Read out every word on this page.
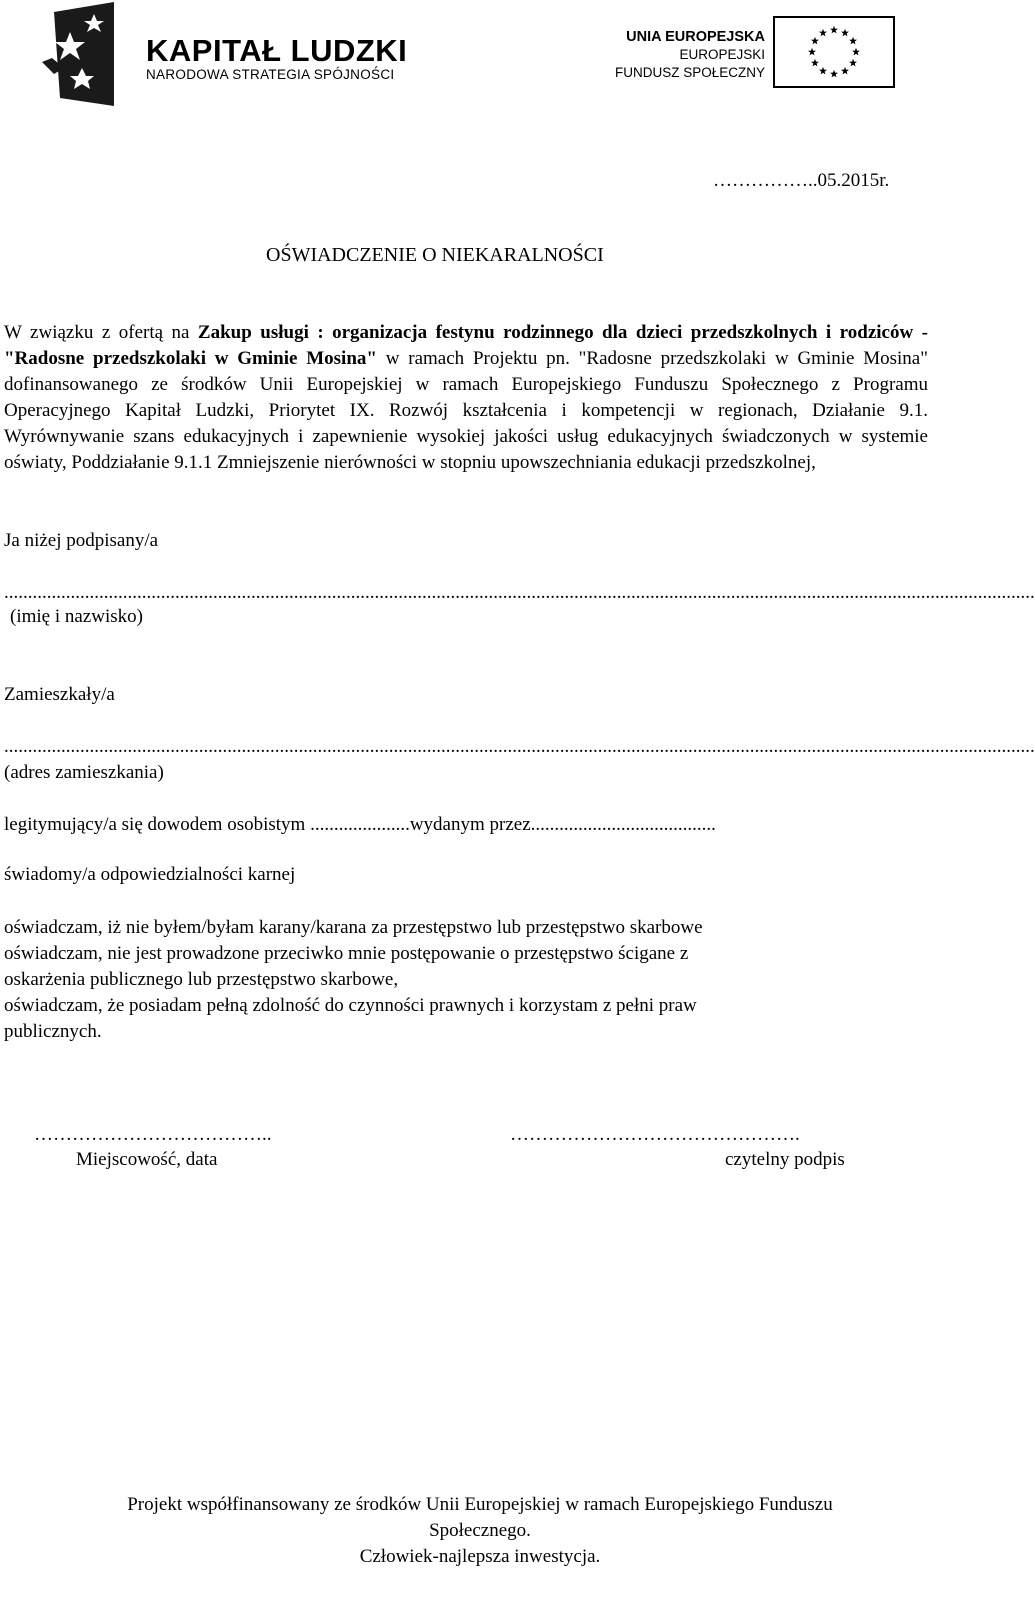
KAPITAŁ LUDZKI
NARODOWA STRATEGIA SPÓJNOŚCI
UNIA EUROPEJSKA
EUROPEJSKI
FUNDUSZ SPOŁECZNY
……………..05.2015r.
OŚWIADCZENIE O NIEKARALNOŚCI
W związku z ofertą na Zakup usługi : organizacja festynu rodzinnego dla dzieci przedszkolnych i rodziców - "Radosne przedszkolaki w Gminie Mosina" w ramach Projektu pn. "Radosne przedszkolaki w Gminie Mosina" dofinansowanego ze środków Unii Europejskiej w ramach Europejskiego Funduszu Społecznego z Programu Operacyjnego Kapitał Ludzki, Priorytet IX. Rozwój kształcenia i kompetencji w regionach, Działanie 9.1. Wyrównywanie szans edukacyjnych i zapewnienie wysokiej jakości usług edukacyjnych świadczonych w systemie oświaty, Poddziałanie 9.1.1 Zmniejszenie nierówności w stopniu upowszechniania edukacji przedszkolnej,
Ja niżej podpisany/a
.........................................................................................................................................................................................................................
(imię i nazwisko)
Zamieszkały/a
.........................................................................................................................................................................................................................
(adres zamieszkania)
legitymujący/a się dowodem osobistym .....................wydanym przez.......................................
świadomy/a odpowiedzialności karnej
oświadczam, iż nie byłem/byłam karany/karana za przestępstwo lub przestępstwo skarbowe
oświadczam, nie jest prowadzone przeciwko mnie postępowanie o przestępstwo ścigane z
oskarżenia publicznego lub przestępstwo skarbowe,
oświadczam, że posiadam pełną zdolność do czynności prawnych i korzystam z pełni praw
publicznych.
………………………………..
Miejscowość, data
……………………………………….
czytelny podpis
Projekt współfinansowany ze środków Unii Europejskiej w ramach Europejskiego Funduszu
Społecznego.
Człowiek-najlepsza inwestycja.
